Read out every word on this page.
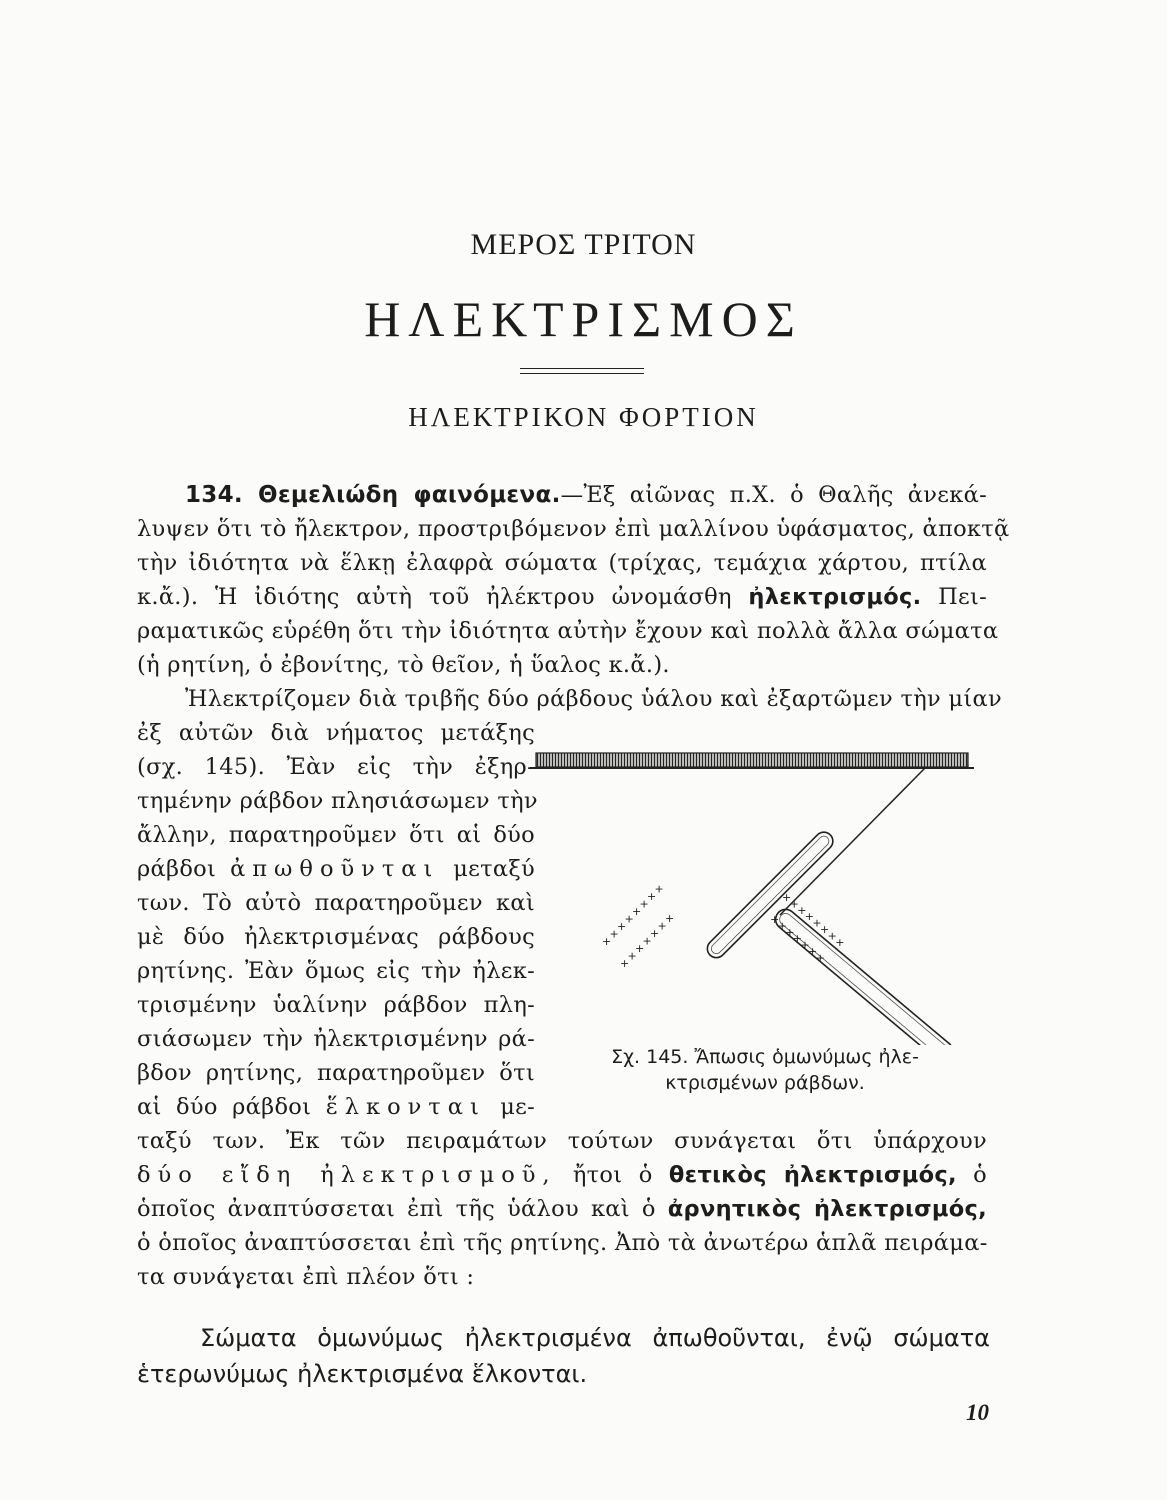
ΜΕΡΟΣ ΤΡΙΤΟΝ
ΗΛΕΚΤΡΙΣΜΟΣ
ΗΛΕΚΤΡΙΚΟΝ ΦΟΡΤΙΟΝ
134. Θεμελιώδη φαινόμενα.—Ἐξ αἰῶνας π.Χ. ὁ Θαλῆς ἀνεκά-
λυψεν ὅτι τὸ ἤλεκτρον, προστριβόμενον ἐπὶ μαλλίνου ὑφάσματος, ἀποκτᾷ
τὴν ἰδιότητα νὰ ἕλκῃ ἐλαφρὰ σώματα (τρίχας, τεμάχια χάρτου, πτίλα
κ.ἄ.). Ἡ ἰδιότης αὐτὴ τοῦ ἠλέκτρου ὠνομάσθη ἠλεκτρισμός. Πει-
ραματικῶς εὑρέθη ὅτι τὴν ἰδιότητα αὐτὴν ἔχουν καὶ πολλὰ ἄλλα σώματα
(ἡ ρητίνη, ὁ ἐβονίτης, τὸ θεῖον, ἡ ὕαλος κ.ἄ.).
Ἠλεκτρίζομεν διὰ τριβῆς δύο ράβδους ὑάλου καὶ ἐξαρτῶμεν τὴν μίαν
ἐξ αὐτῶν διὰ νήματος μετάξης
(σχ. 145). Ἐὰν εἰς τὴν ἐξηρ-
τημένην ράβδον πλησιάσωμεν τὴν
ἄλλην, παρατηροῦμεν ὅτι αἱ δύο
ράβδοι ἀπωθοῦνται μεταξύ
των. Τὸ αὐτὸ παρατηροῦμεν καὶ
μὲ δύο ἠλεκτρισμένας ράβδους
ρητίνης. Ἐὰν ὅμως εἰς τὴν ἠλεκ-
τρισμένην ὑαλίνην ράβδον πλη-
σιάσωμεν τὴν ἠλεκτρισμένην ρά-
βδον ρητίνης, παρατηροῦμεν ὅτι
αἱ δύο ράβδοι ἕλκονται με-
ταξύ των. Ἐκ τῶν πειραμάτων τούτων συνάγεται ὅτι ὑπάρχουν
δύο εἴδη ἠλεκτρισμοῦ, ἤτοι ὁ θετικὸς ἠλεκτρισμός, ὁ
ὁποῖος ἀναπτύσσεται ἐπὶ τῆς ὑάλου καὶ ὁ ἀρνητικὸς ἠλεκτρισμός,
ὁ ὁποῖος ἀναπτύσσεται ἐπὶ τῆς ρητίνης. Ἀπὸ τὰ ἀνωτέρω ἁπλᾶ πειράμα-
τα συνάγεται ἐπὶ πλέον ὅτι :
Σώματα ὁμωνύμως ἠλεκτρισμένα ἀπωθοῦνται, ἐνῷ σώματα
ἑτερωνύμως ἠλεκτρισμένα ἕλκονται.
+
+
+
+
+
+
+
+
+
+
+
+
+
+
+
+
+
+
+
+
+
+
+
+
+
+
+
+
+
+
Σχ. 145. Ἄπωσις ὁμωνύμως ἠλε-
κτρισμένων ράβδων.
10
